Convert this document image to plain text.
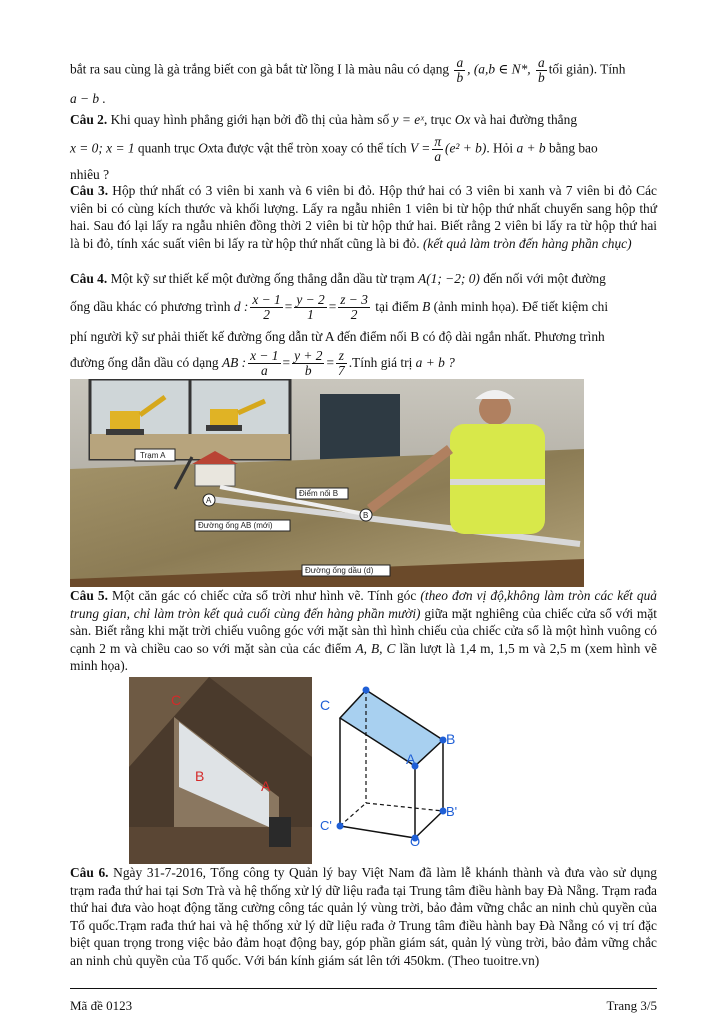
bắt ra sau cùng là gà trắng biết con gà bắt từ lồng I là màu nâu có dạng $\frac{a}{b}$ , (a,b ∈ N*, $\frac{a}{b}$ tối giản). Tính

a − b .

Câu 2. Khi quay hình phẳng giới hạn bởi đồ thị của hàm số y = eˣ, trục Ox và hai đường thẳng

x = 0; x = 1 quanh trục Oxta được vật thể tròn xoay có thể tích $V = \frac{\pi}{a} (e^2 + b)$. Hỏi a + b bằng bao

nhiêu ?

Câu 3. Hộp thứ nhất có 3 viên bi xanh và 6 viên bi đỏ. Hộp thứ hai có 3 viên bi xanh và 7 viên bi đỏ Các viên bi có cùng kích thước và khối lượng. Lấy ra ngẫu nhiên 1 viên bi từ hộp thứ nhất chuyển sang hộp thứ hai. Sau đó lại lấy ra ngẫu nhiên đồng thời 2 viên bi từ hộp thứ hai. Biết rằng 2 viên bi lấy ra từ hộp thứ hai là bi đỏ, tính xác suất viên bi lấy ra từ hộp thứ nhất cũng là bi đỏ. (kết quả làm tròn đến hàng phần chục)

Câu 4. Một kỹ sư thiết kế một đường ống thẳng dẫn dầu từ trạm A(1; −2; 0) đến nối với một đường

ống dầu khác có phương trình d : $\frac{x - 1}{2} = \frac{y - 2}{1} = \frac{z - 3}{2}$ tại điểm B (ảnh minh họa). Để tiết kiệm chi

phí người kỹ sư phải thiết kế đường ống dẫn từ A đến điểm nối B có độ dài ngắn nhất. Phương trình

đường ống dẫn dầu có dạng AB : $\frac{x - 1}{a} = \frac{y + 2}{b} = \frac{z}{7}$ .Tính giá trị a + b ?

Trạm A
Điểm nối B
Đường ống AB (mới)
Đường ống dầu (d)
A
B

Câu 5. Một căn gác có chiếc cửa sổ trời như hình vẽ. Tính góc (theo đơn vị độ,không làm tròn các kết quả trung gian, chỉ làm tròn kết quả cuối cùng đến hàng phần mười) giữa mặt nghiêng của chiếc cửa sổ với mặt sàn. Biết rằng khi mặt trời chiếu vuông góc với mặt sàn thì hình chiếu của chiếc cửa sổ là một hình vuông có cạnh 2 m và chiều cao so với mặt sàn của các điểm A, B, C lần lượt là 1,4 m, 1,5 m và 2,5 m (xem hình vẽ minh họa).

C
B
A
C
B
A
C'
B'
O

Câu 6. Ngày 31-7-2016, Tổng công ty Quản lý bay Việt Nam đã làm lễ khánh thành và đưa vào sử dụng trạm rađa thứ hai tại Sơn Trà và hệ thống xử lý dữ liệu rađa tại Trung tâm điều hành bay Đà Nẵng. Trạm rađa thứ hai đưa vào hoạt động tăng cường công tác quản lý vùng trời, bảo đảm vững chắc an ninh chủ quyền của Tổ quốc.Trạm rađa thứ hai và hệ thống xử lý dữ liệu rađa ở Trung tâm điều hành bay Đà Nẵng có vị trí đặc biệt quan trọng trong việc bảo đảm hoạt động bay, góp phần giám sát, quản lý vùng trời, bảo đảm vững chắc an ninh chủ quyền của Tổ quốc. Với bán kính giám sát lên tới 450km. (Theo tuoitre.vn)

Mã đề 0123	Trang 3/5
